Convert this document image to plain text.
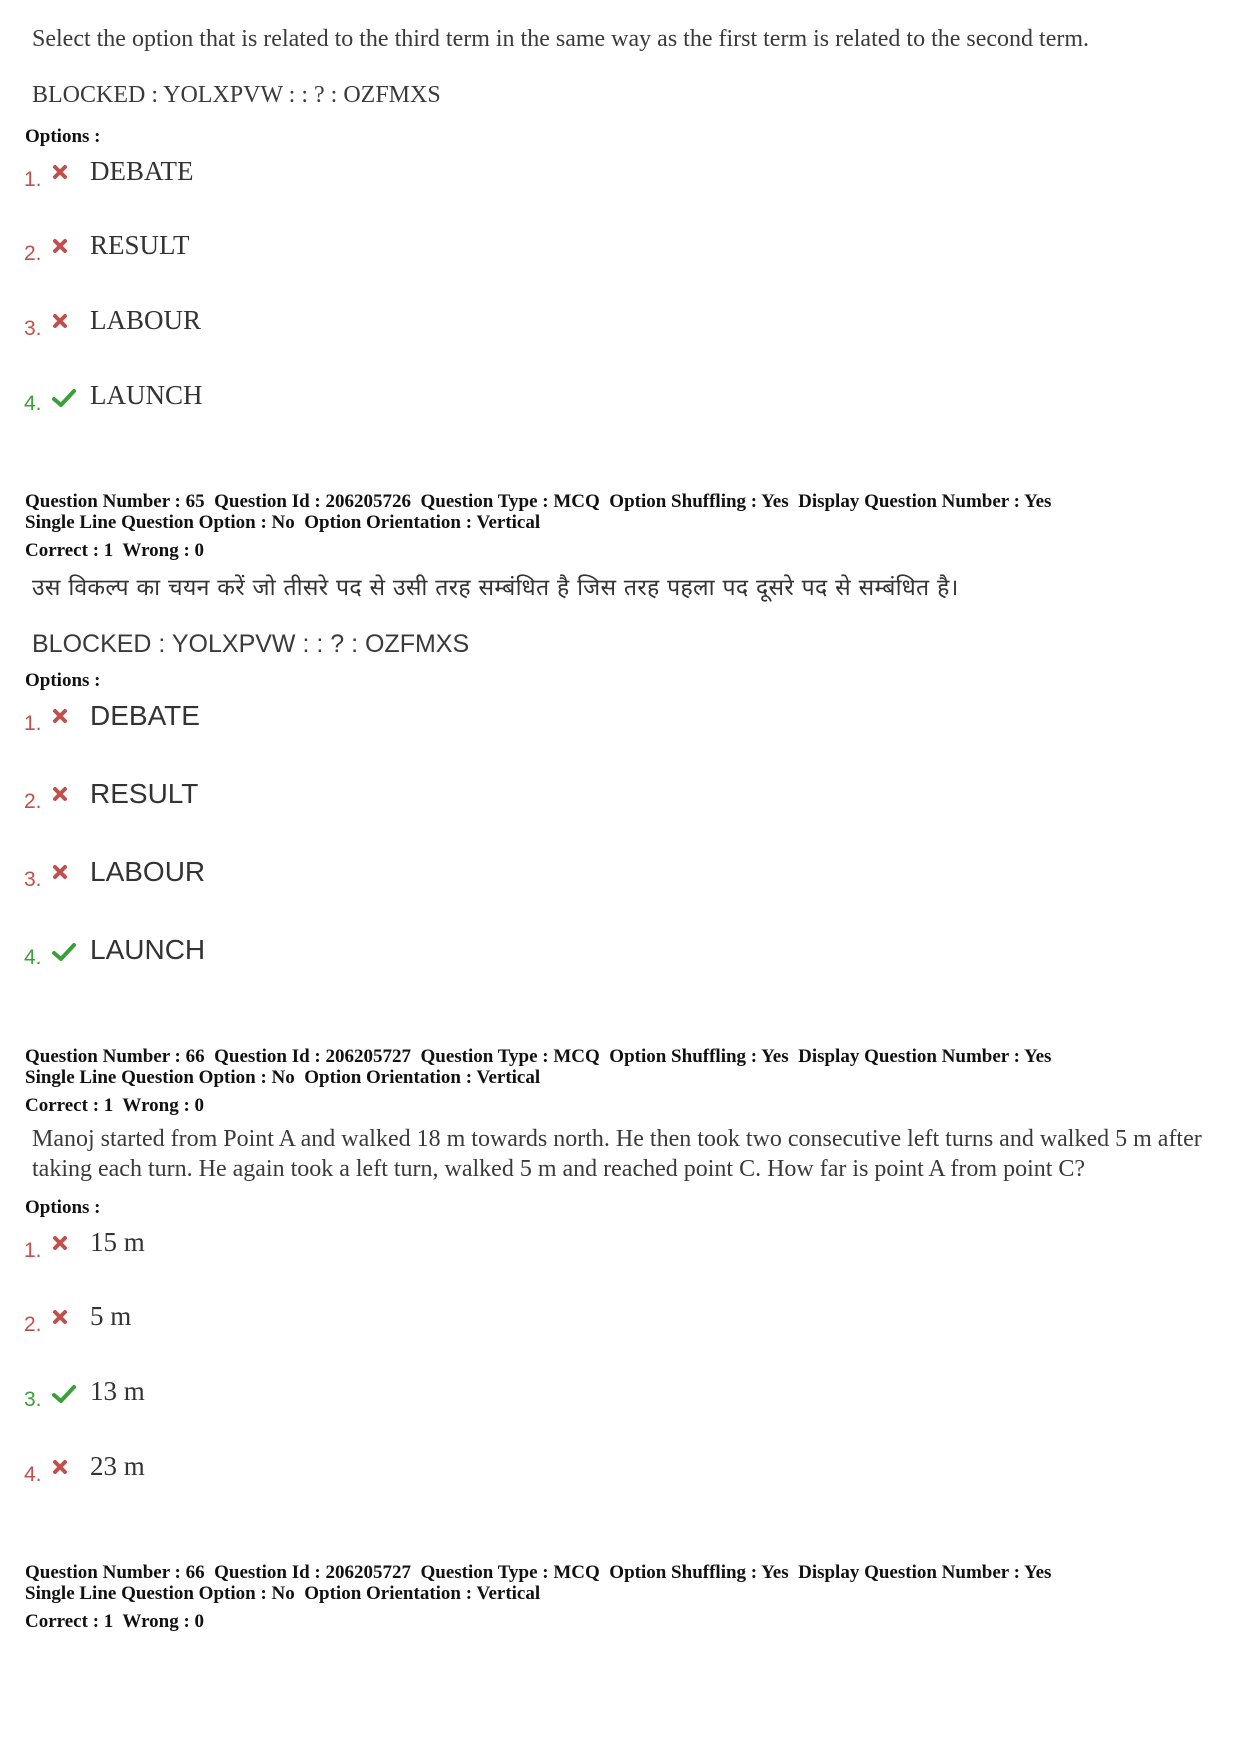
Select the option that is related to the third term in the same way as the first term is related to the second term.
BLOCKED : YOLXPVW : : ? : OZFMXS
Options :
1. DEBATE
2. RESULT
3. LABOUR
4. LAUNCH
Question Number : 65  Question Id : 206205726  Question Type : MCQ  Option Shuffling : Yes  Display Question Number : Yes
Single Line Question Option : No  Option Orientation : Vertical
Correct : 1  Wrong : 0
उस विकल्प का चयन करें जो तीसरे पद से उसी तरह सम्बंधित है जिस तरह पहला पद दूसरे पद से सम्बंधित है।
BLOCKED : YOLXPVW : : ? : OZFMXS
Options :
1. DEBATE
2. RESULT
3. LABOUR
4. LAUNCH
Question Number : 66  Question Id : 206205727  Question Type : MCQ  Option Shuffling : Yes  Display Question Number : Yes
Single Line Question Option : No  Option Orientation : Vertical
Correct : 1  Wrong : 0
Manoj started from Point A and walked 18 m towards north. He then took two consecutive left turns and walked 5 m after taking each turn. He again took a left turn, walked 5 m and reached point C. How far is point A from point C?
Options :
1. 15 m
2. 5 m
3. 13 m
4. 23 m
Question Number : 66  Question Id : 206205727  Question Type : MCQ  Option Shuffling : Yes  Display Question Number : Yes
Single Line Question Option : No  Option Orientation : Vertical
Correct : 1  Wrong : 0
